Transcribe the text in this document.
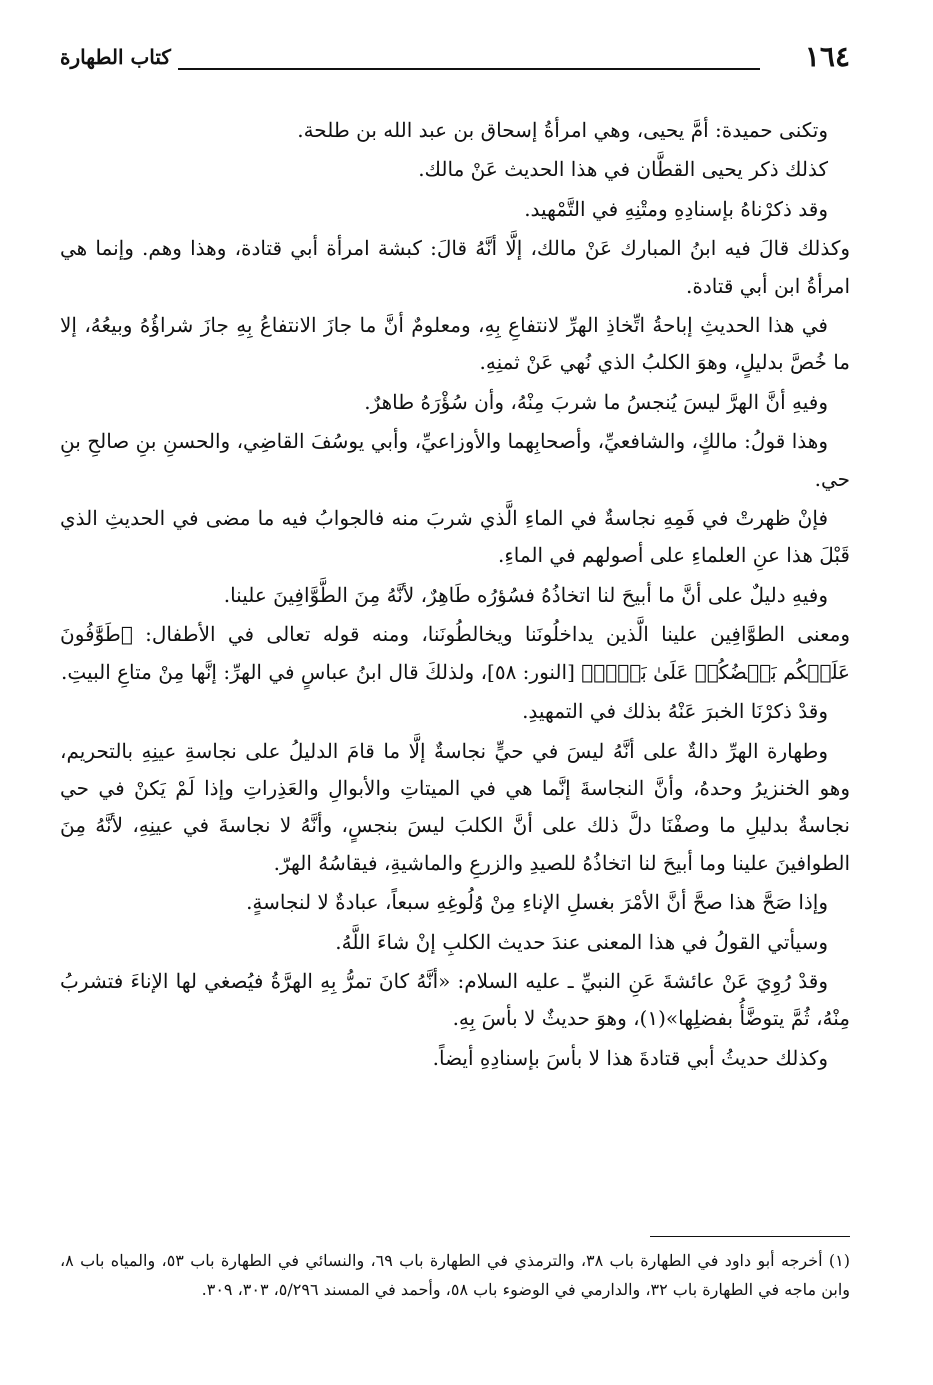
١٦٤
كتاب الطهارة

وتكنى حميدة: أمَّ يحيى، وهي امرأةُ إسحاق بن عبد الله بن طلحة.

كذلك ذكر يحيى القطَّان في هذا الحديث عَنْ مالك.

وقد ذكرْناهُ بإسنادِهِ ومتْنِهِ في التَّمْهيد.

وكذلك قالَ فيه ابنُ المبارك عَنْ مالك، إلَّا أنَّهُ قالَ: كبشة امرأة أبي قتادة، وهذا وهم. وإنما هي امرأةُ ابن أبي قتادة.

في هذا الحديثِ إباحةُ اتِّخاذِ الهرِّ لانتفاعِ بِهِ، ومعلومٌ أنَّ ما جازَ الانتفاعُ بِهِ جازَ شراؤُهُ وبيعُهُ، إلا ما خُصَّ بدليلٍ، وهوَ الكلبُ الذي نُهي عَنْ ثمنِهِ.

وفيهِ أنَّ الهرَّ ليسَ يُنجسُ ما شربَ مِنْهُ، وأن سُؤْرَهُ طاهرٌ.

وهذا قولُ: مالكٍ، والشافعيِّ، وأصحابِهما والأوزاعيِّ، وأبي يوسُفَ القاضِي، والحسنِ بنِ صالحِ بنِ حي.

فإنْ ظهرتْ في فَمِهِ نجاسةٌ في الماءِ الَّذي شربَ منه فالجوابُ فيه ما مضى في الحديثِ الذي قَبْلَ هذا عنِ العلماءِ على أصولهم في الماءِ.

وفيهِ دليلٌ على أنَّ ما أبيحَ لنا اتخاذُهُ فسُؤرُه طَاهِرٌ، لأنَّهُ مِنَ الطَّوَّافِينَ علينا.

ومعنى الطوَّافِين علينا الَّذين يداخلُونَنا ويخالطُونَنا، ومنه قوله تعالى في الأطفال: ﴿طَوَّٰفُونَ عَلَيۡكُم بَعۡضُكُمۡ عَلَىٰ بَعۡضٖ﴾ [النور: ٥٨]، ولذلكَ قال ابنُ عباسٍ في الهرِّ: إنَّها مِنْ متاعِ البيتِ.

وقدْ ذكرْنَا الخبرَ عَنْهُ بذلك في التمهيدِ.

وطهارة الهرِّ دالةٌ على أنَّهُ ليسَ في حيٍّ نجاسةٌ إلَّا ما قامَ الدليلُ على نجاسةِ عينِهِ بالتحريم، وهو الخنزيرُ وحدهُ، وأنَّ النجاسةَ إنَّما هي في الميتاتِ والأبوالِ والعَذِراتِ وإذا لَمْ يَكنْ في حي نجاسةٌ بدليلِ ما وصفْنَا دلَّ ذلك على أنَّ الكلبَ ليسَ بنجسٍ، وأنَّهُ لا نجاسةَ في عينِهِ، لأنَّهُ مِنَ الطوافينَ علينا وما أبيحَ لنا اتخاذُهُ للصيدِ والزرعِ والماشيةِ، فيقاسُهُ الهرّ.

وإذا صَحَّ هذا صحَّ أنَّ الأمْرَ بغسلِ الإناءِ مِنْ وُلُوغِهِ سبعاً، عبادةٌ لا لنجاسةٍ.

وسيأتي القولُ في هذا المعنى عندَ حديث الكلبِ إنْ شاءَ اللَّهُ.

وقدْ رُوِيَ عَنْ عائشةَ عَنِ النبيِّ ـ عليه السلام: «أنَّهُ كانَ تمرُّ بِهِ الهرَّةُ فيُصغي لها الإناءَ فتشربُ مِنْهُ، ثُمَّ يتوضَّأُ بفضلِها»(١)، وهوَ حديثٌ لا بأسَ بِهِ.

وكذلك حديثُ أبي قتادةَ هذا لا بأسَ بإسنادِهِ أيضاً.

(١) أخرجه أبو داود في الطهارة باب ٣٨، والترمذي في الطهارة باب ٦٩، والنسائي في الطهارة باب ٥٣، والمياه باب ٨، وابن ماجه في الطهارة باب ٣٢، والدارمي في الوضوء باب ٥٨، وأحمد في المسند ٥/٢٩٦، ٣٠٣، ٣٠٩.
